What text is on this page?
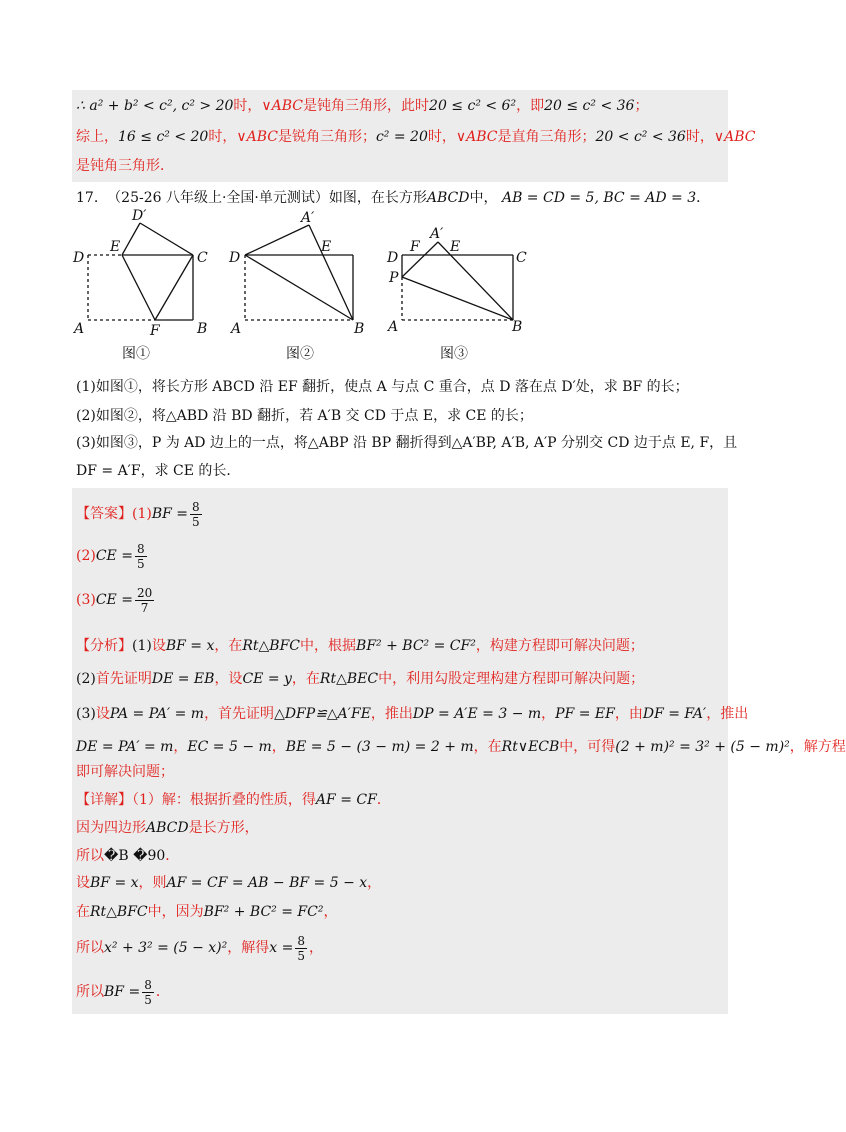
∴ a² + b² < c², c² > 20时，∨ABC是钝角三角形，此时20 ≤ c² < 6²，即20 ≤ c² < 36；
综上，16 ≤ c² < 20时，∨ABC是锐角三角形；c² = 20时，∨ABC是直角三角形；20 < c² < 36时，∨ABC
是钝角三角形．
17. （25-26 八年级上·全国·单元测试）如图，在长方形ABCD中， AB = CD = 5, BC = AD = 3．
D
D′
E
C
A	F	B
图①
D
A′
E
A	B
图②
D
F
A′
E
C
P
A	B
图③
(1)如图①，将长方形 ABCD 沿 EF 翻折，使点 A 与点 C 重合，点 D 落在点 D′处，求 BF 的长；
(2)如图②，将△ABD 沿 BD 翻折，若 A′B 交 CD 于点 E，求 CE 的长；
(3)如图③，P 为 AD 边上的一点，将△ABP 沿 BP 翻折得到△A′BP, A′B, A′P 分别交 CD 边于点 E, F，且
DF = A′F，求 CE 的长．
【答案】$(1)BF = \frac{8}{5}$
$(2)CE = \frac{8}{5}$
$(3)CE = \frac{20}{7}$
【分析】(1)设BF = x，在Rt△BFC中，根据BF² + BC² = CF²，构建方程即可解决问题；
(2)首先证明DE = EB，设CE = y，在Rt△BEC中，利用勾股定理构建方程即可解决问题；
(3)设PA = PA′ = m，首先证明△DFP≌△A′FE，推出DP = A′E = 3 − m，PF = EF，由DF = FA′，推出
DE = PA′ = m，EC = 5 − m，BE = 5 − (3 − m) = 2 + m，在Rt∨ECB中，可得(2 + m)² = 3² + (5 − m)²，解方程
即可解决问题；
【详解】（1）解：根据折叠的性质，得AF = CF．
因为四边形ABCD是长方形，
所以�B �90．
设BF = x，则AF = CF = AB − BF = 5 − x，
在Rt△BFC中，因为BF² + BC² = FC²，
所以x² + 3² = (5 − x)²，解得$x = \frac{8}{5}$ ，
所以BF = $\frac{8}{5}$ ．
